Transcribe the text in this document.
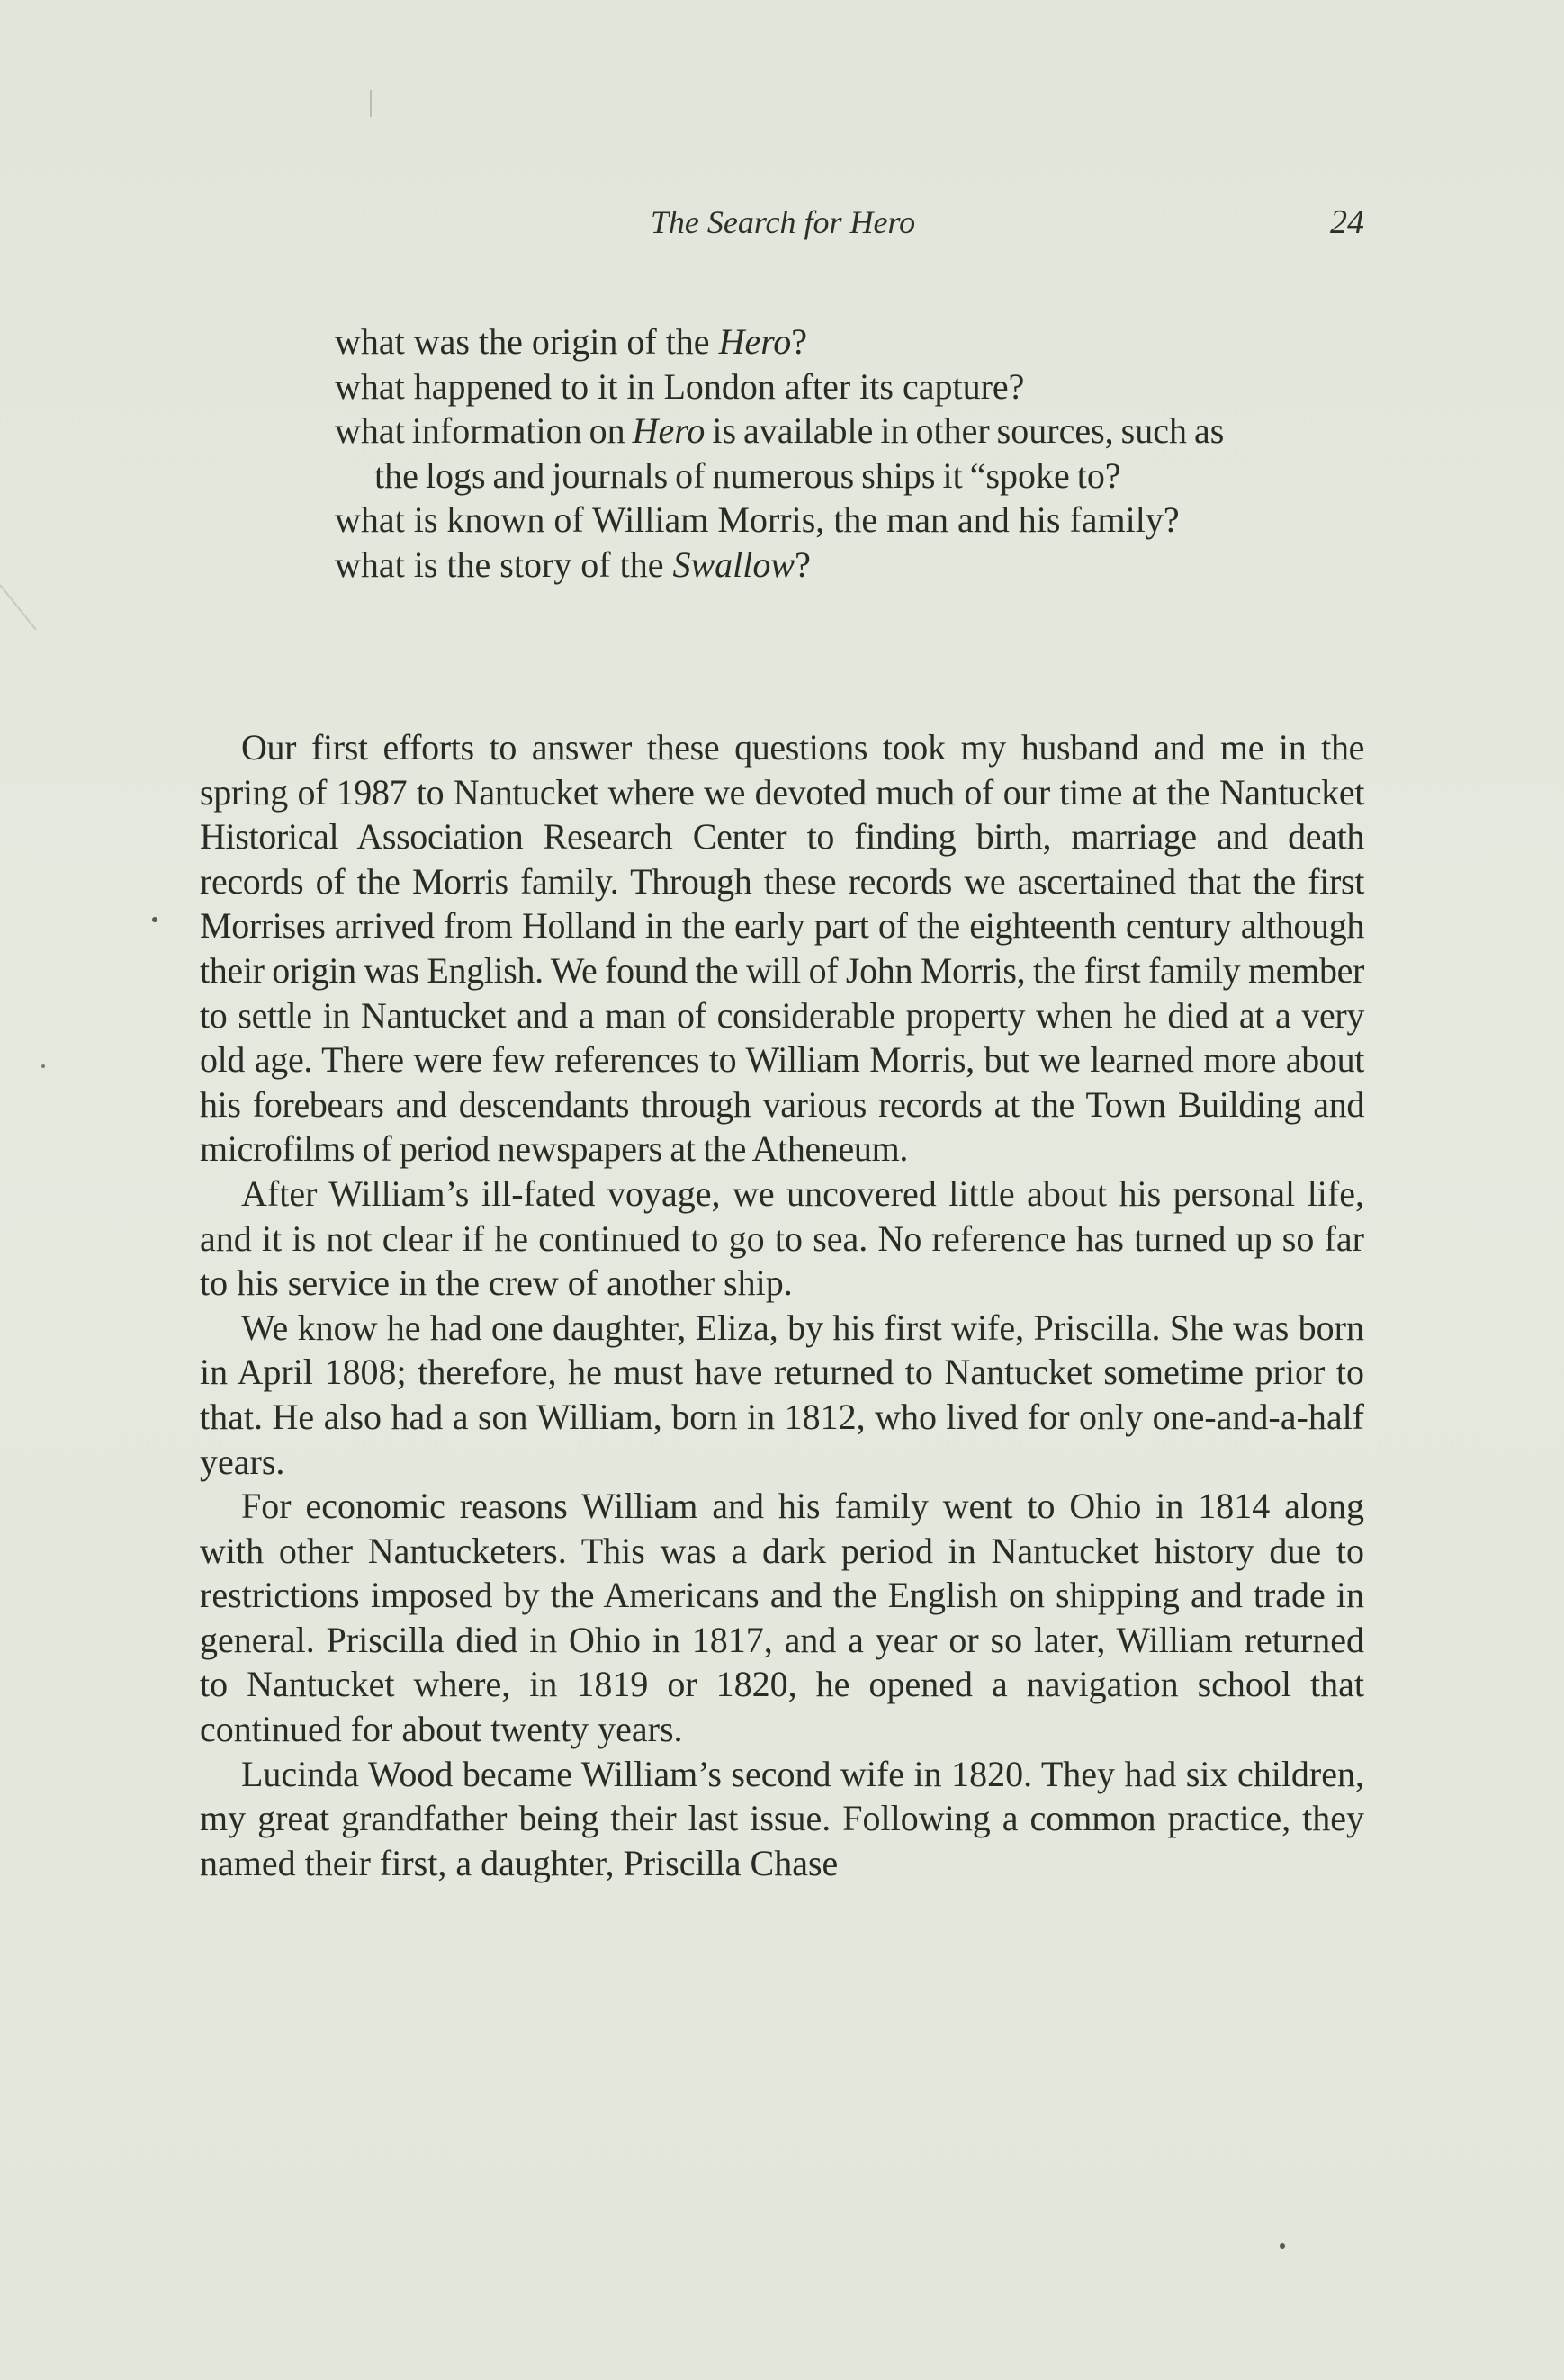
The Search for Hero	24

what was the origin of the Hero?

what happened to it in London after its capture?

what information on Hero is available in other sources, such as the logs and journals of numerous ships it “spoke to?

what is known of William Morris, the man and his family?

what is the story of the Swallow?

Our first efforts to answer these questions took my husband and me in the spring of 1987 to Nantucket where we devoted much of our time at the Nantucket Historical Association Research Center to finding birth, marriage and death records of the Morris family. Through these records we ascertained that the first Morrises arrived from Holland in the early part of the eighteenth century although their origin was English. We found the will of John Morris, the first family member to settle in Nantucket and a man of considerable property when he died at a very old age. There were few references to William Morris, but we learned more about his forebears and descendants through various records at the Town Building and microfilms of period newspapers at the Atheneum.

After William’s ill-fated voyage, we uncovered little about his personal life, and it is not clear if he continued to go to sea. No reference has turned up so far to his service in the crew of another ship.

We know he had one daughter, Eliza, by his first wife, Priscilla. She was born in April 1808; therefore, he must have returned to Nantucket sometime prior to that. He also had a son William, born in 1812, who lived for only one-and-a-half years.

For economic reasons William and his family went to Ohio in 1814 along with other Nantucketers. This was a dark period in Nantucket history due to restrictions imposed by the Americans and the English on shipping and trade in general. Priscilla died in Ohio in 1817, and a year or so later, William returned to Nantucket where, in 1819 or 1820, he opened a navigation school that continued for about twenty years.

Lucinda Wood became William’s second wife in 1820. They had six children, my great grandfather being their last issue. Following a common practice, they named their first, a daughter, Priscilla Chase
